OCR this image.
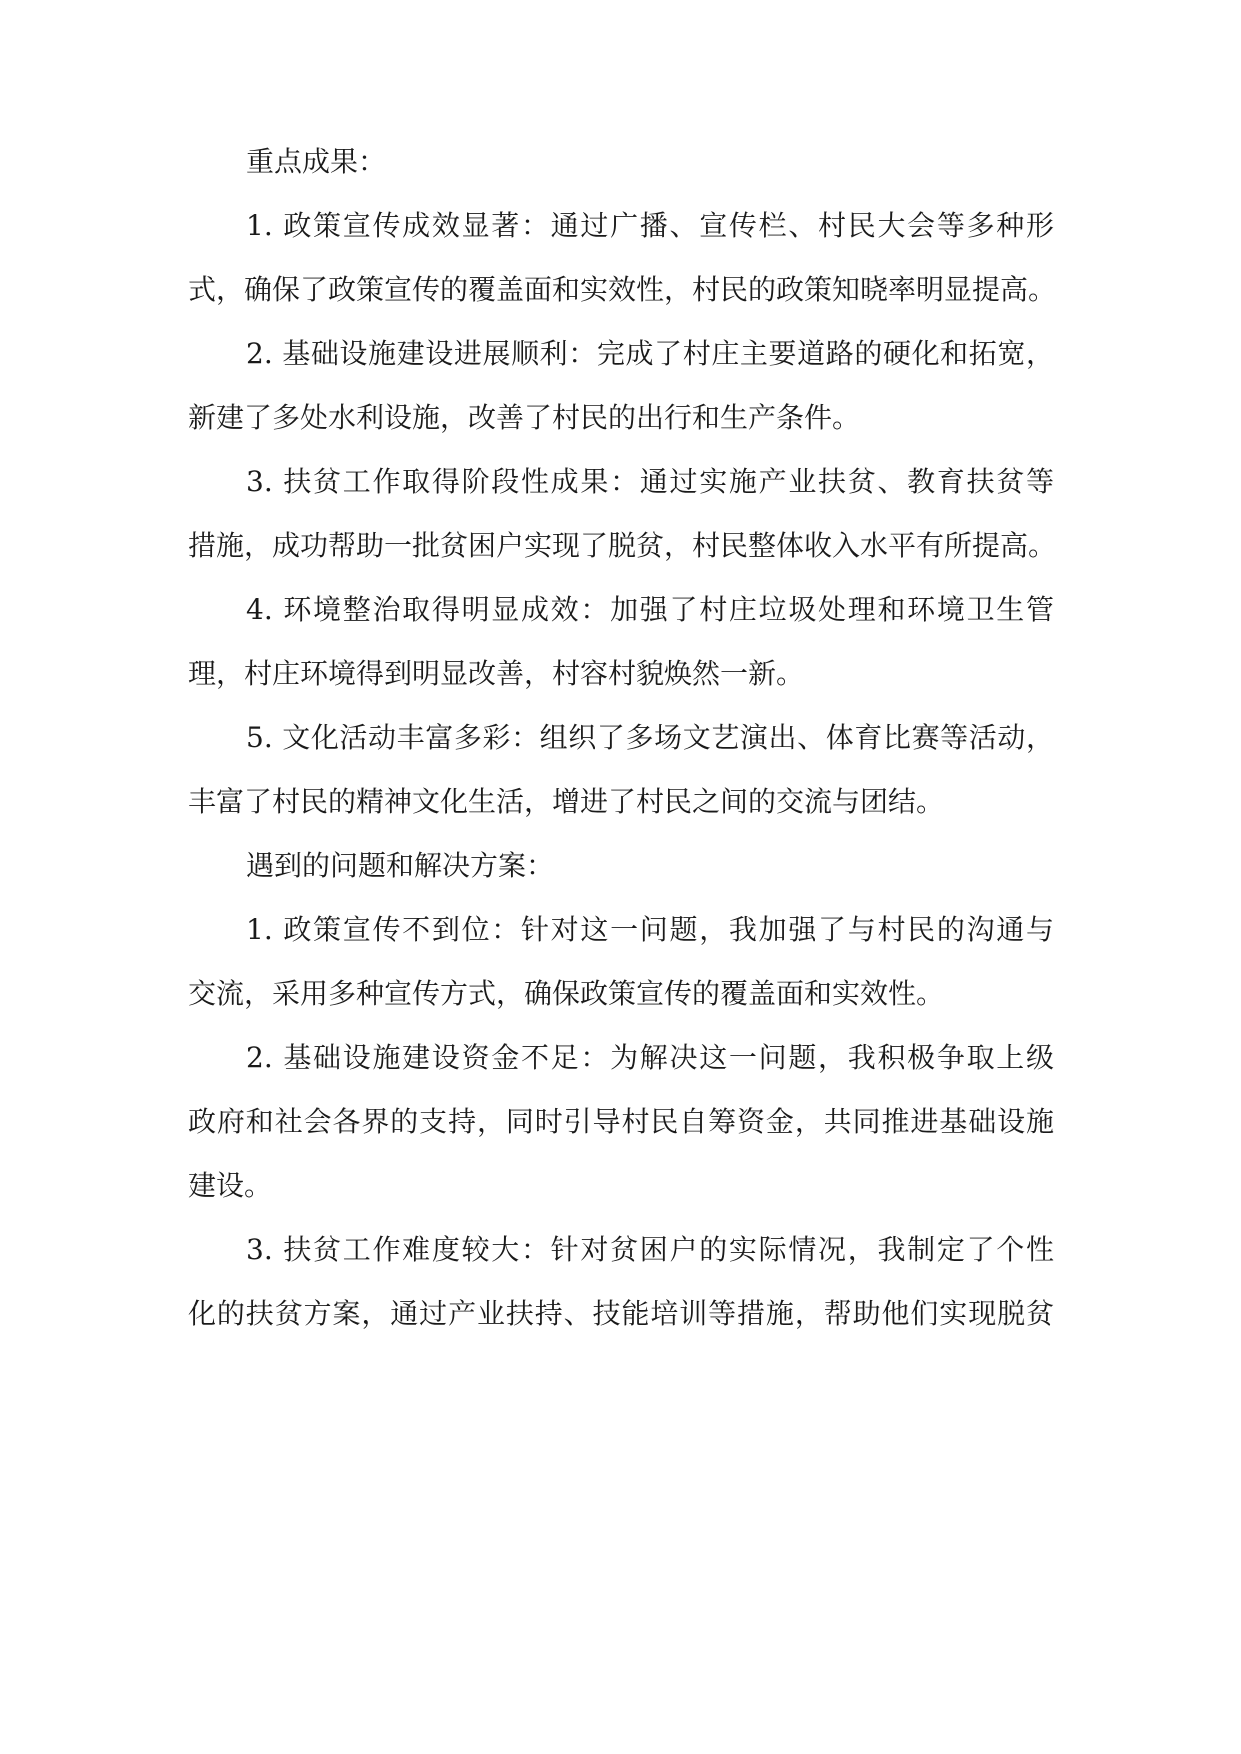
重点成果：
1. 政策宣传成效显著：通过广播、宣传栏、村民大会等多种形
式，确保了政策宣传的覆盖面和实效性，村民的政策知晓率明显提高。
2. 基础设施建设进展顺利：完成了村庄主要道路的硬化和拓宽，
新建了多处水利设施，改善了村民的出行和生产条件。
3. 扶贫工作取得阶段性成果：通过实施产业扶贫、教育扶贫等
措施，成功帮助一批贫困户实现了脱贫，村民整体收入水平有所提高。
4. 环境整治取得明显成效：加强了村庄垃圾处理和环境卫生管
理，村庄环境得到明显改善，村容村貌焕然一新。
5. 文化活动丰富多彩：组织了多场文艺演出、体育比赛等活动，
丰富了村民的精神文化生活，增进了村民之间的交流与团结。
遇到的问题和解决方案：
1. 政策宣传不到位：针对这一问题，我加强了与村民的沟通与
交流，采用多种宣传方式，确保政策宣传的覆盖面和实效性。
2. 基础设施建设资金不足：为解决这一问题，我积极争取上级
政府和社会各界的支持，同时引导村民自筹资金，共同推进基础设施
建设。
3. 扶贫工作难度较大：针对贫困户的实际情况，我制定了个性
化的扶贫方案，通过产业扶持、技能培训等措施，帮助他们实现脱贫
